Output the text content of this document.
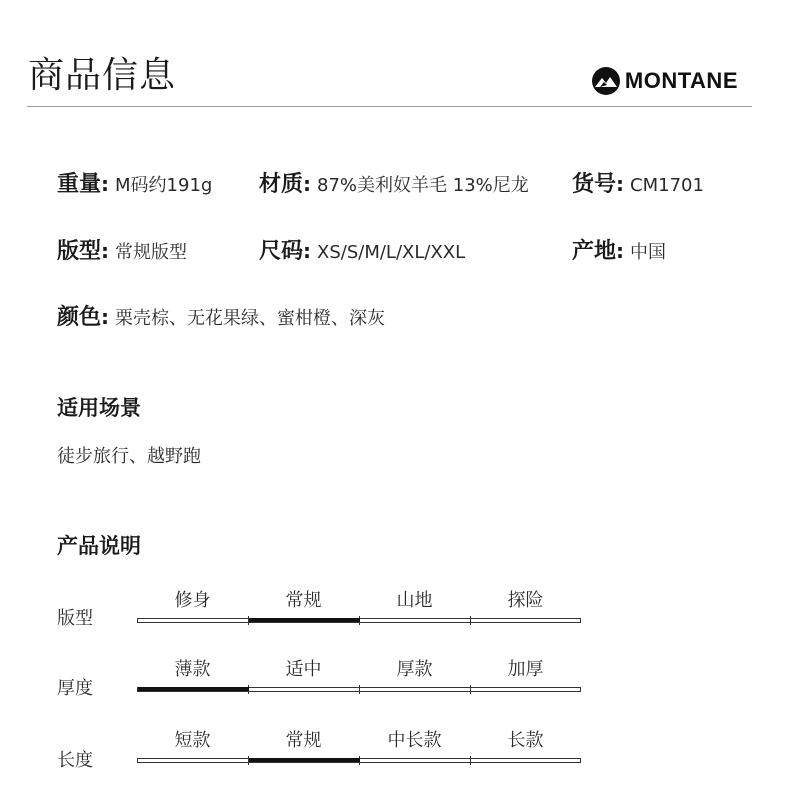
商品信息	MONTANE
重量 : M码约191g 材质 : 87%美利奴羊毛 13%尼龙 货号 : CM1701
版型 : 常规版型	尺码 : XS/S/M/L/XL/XXL	产地 : 中国
颜色 : 栗壳棕、无花果绿、蜜柑橙、深灰
适用场景
徒步旅行、越野跑
产品说明
版型
修身	常规	山地	探险
厚度
薄款	适中	厚款	加厚
长度
短款	常规	中长款	长款
